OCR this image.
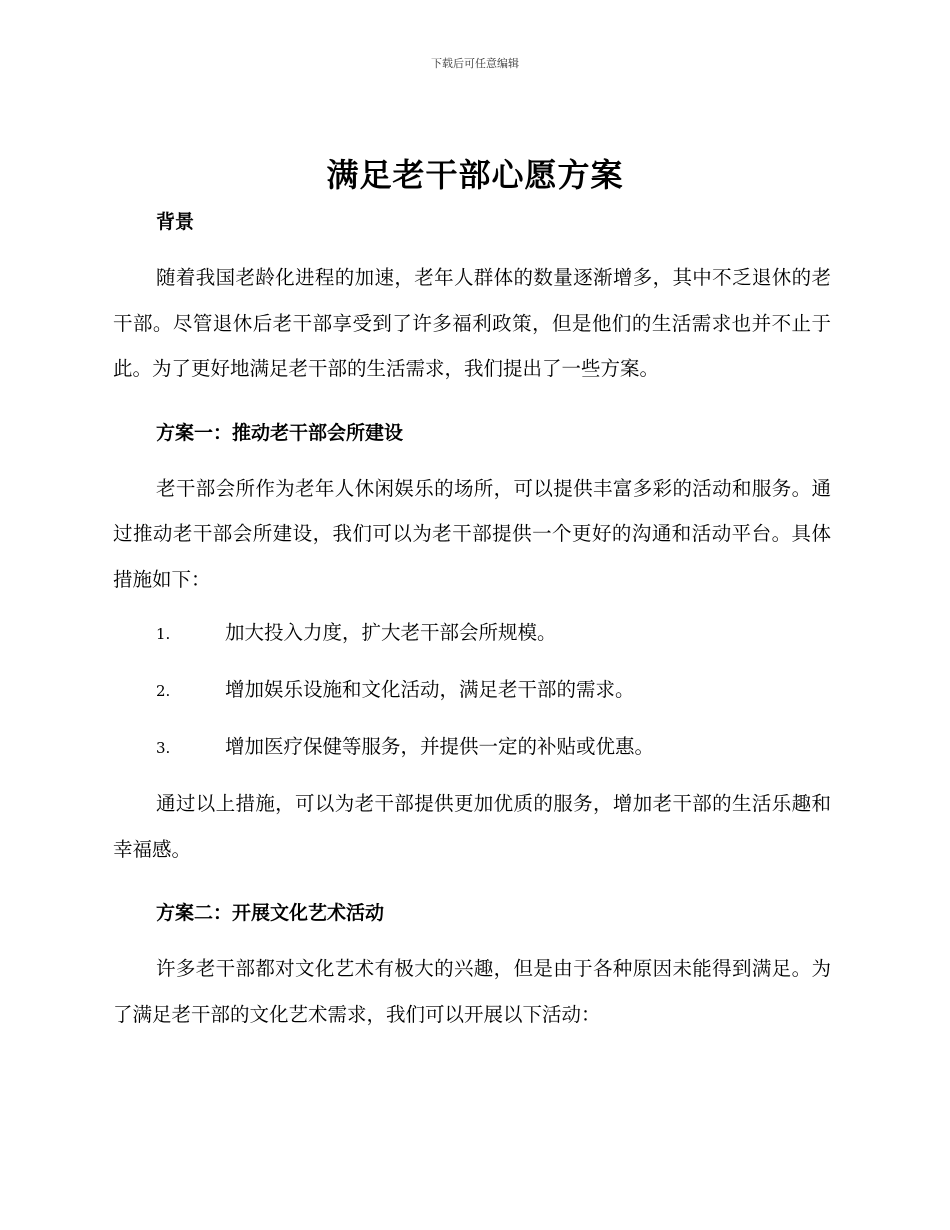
下载后可任意编辑
满足老干部心愿方案
背景

随着我国老龄化进程的加速，老年人群体的数量逐渐增多，其中不乏退休的老干部。尽管退休后老干部享受到了许多福利政策，但是他们的生活需求也并不止于此。为了更好地满足老干部的生活需求，我们提出了一些方案。

方案一：推动老干部会所建设

老干部会所作为老年人休闲娱乐的场所，可以提供丰富多彩的活动和服务。通过推动老干部会所建设，我们可以为老干部提供一个更好的沟通和活动平台。具体措施如下：

1.	加大投入力度，扩大老干部会所规模。
2.	增加娱乐设施和文化活动，满足老干部的需求。
3.	增加医疗保健等服务，并提供一定的补贴或优惠。

通过以上措施，可以为老干部提供更加优质的服务，增加老干部的生活乐趣和幸福感。

方案二：开展文化艺术活动

许多老干部都对文化艺术有极大的兴趣，但是由于各种原因未能得到满足。为了满足老干部的文化艺术需求，我们可以开展以下活动：
